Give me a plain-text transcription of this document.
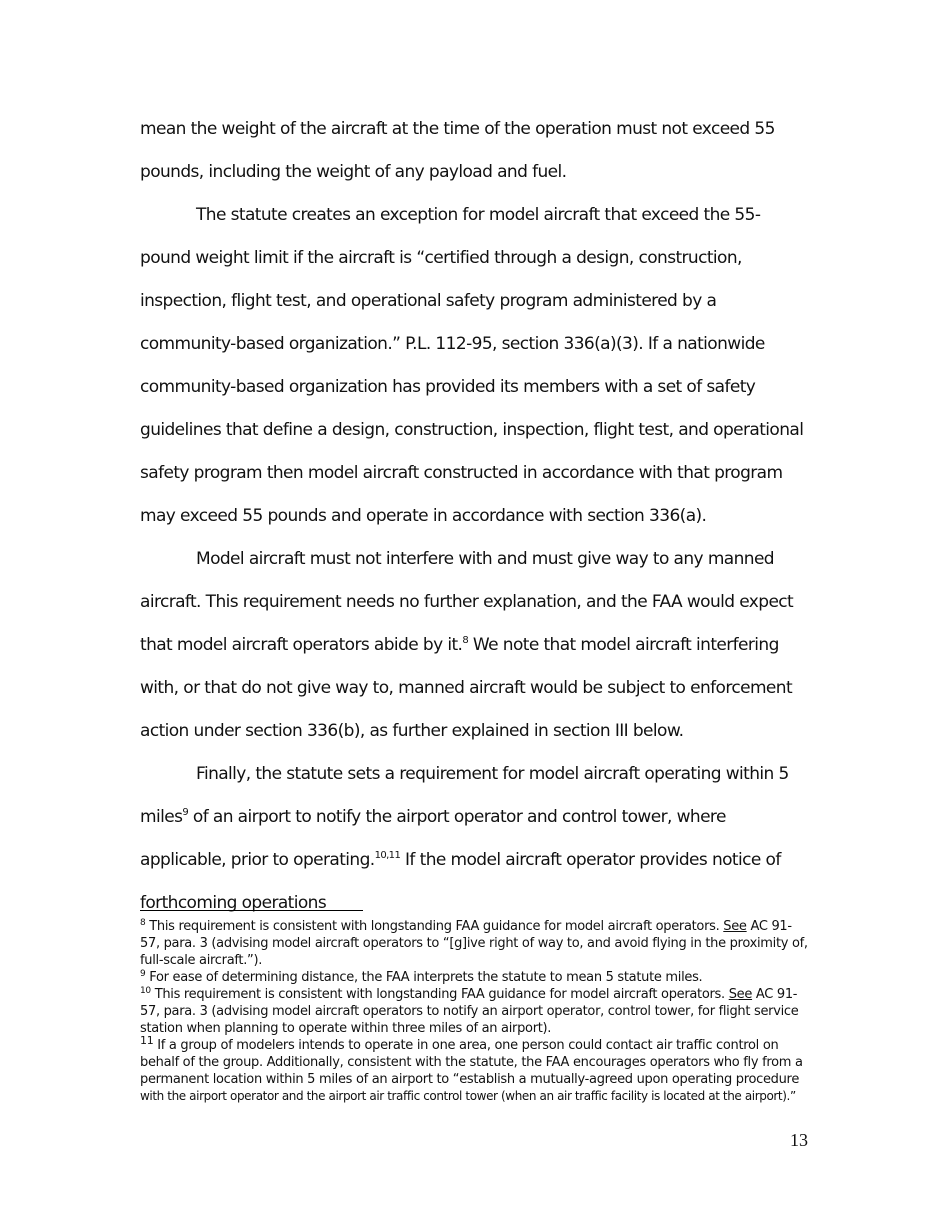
mean the weight of the aircraft at the time of the operation must not exceed 55 pounds, including the weight of any payload and fuel.

The statute creates an exception for model aircraft that exceed the 55-pound weight limit if the aircraft is “certified through a design, construction, inspection, flight test, and operational safety program administered by a community-based organization.” P.L. 112-95, section 336(a)(3). If a nationwide community-based organization has provided its members with a set of safety guidelines that define a design, construction, inspection, flight test, and operational safety program then model aircraft constructed in accordance with that program may exceed 55 pounds and operate in accordance with section 336(a).

Model aircraft must not interfere with and must give way to any manned aircraft. This requirement needs no further explanation, and the FAA would expect that model aircraft operators abide by it.$^8$ We note that model aircraft interfering with, or that do not give way to, manned aircraft would be subject to enforcement action under section 336(b), as further explained in section III below.

Finally, the statute sets a requirement for model aircraft operating within 5 miles$^9$ of an airport to notify the airport operator and control tower, where applicable, prior to operating.$^{10,11}$ If the model aircraft operator provides notice of forthcoming operations

$^8$ This requirement is consistent with longstanding FAA guidance for model aircraft operators. See AC 91-57, para. 3 (advising model aircraft operators to “[g]ive right of way to, and avoid flying in the proximity of, full-scale aircraft.”).

$^9$ For ease of determining distance, the FAA interprets the statute to mean 5 statute miles.

$^{10}$ This requirement is consistent with longstanding FAA guidance for model aircraft operators. See AC 91-57, para. 3 (advising model aircraft operators to notify an airport operator, control tower, for flight service station when planning to operate within three miles of an airport).

$^{11}$ If a group of modelers intends to operate in one area, one person could contact air traffic control on behalf of the group. Additionally, consistent with the statute, the FAA encourages operators who fly from a permanent location within 5 miles of an airport to “establish a mutually-agreed upon operating procedure with the airport operator and the airport air traffic control tower (when an air traffic facility is located at the airport).”

13
